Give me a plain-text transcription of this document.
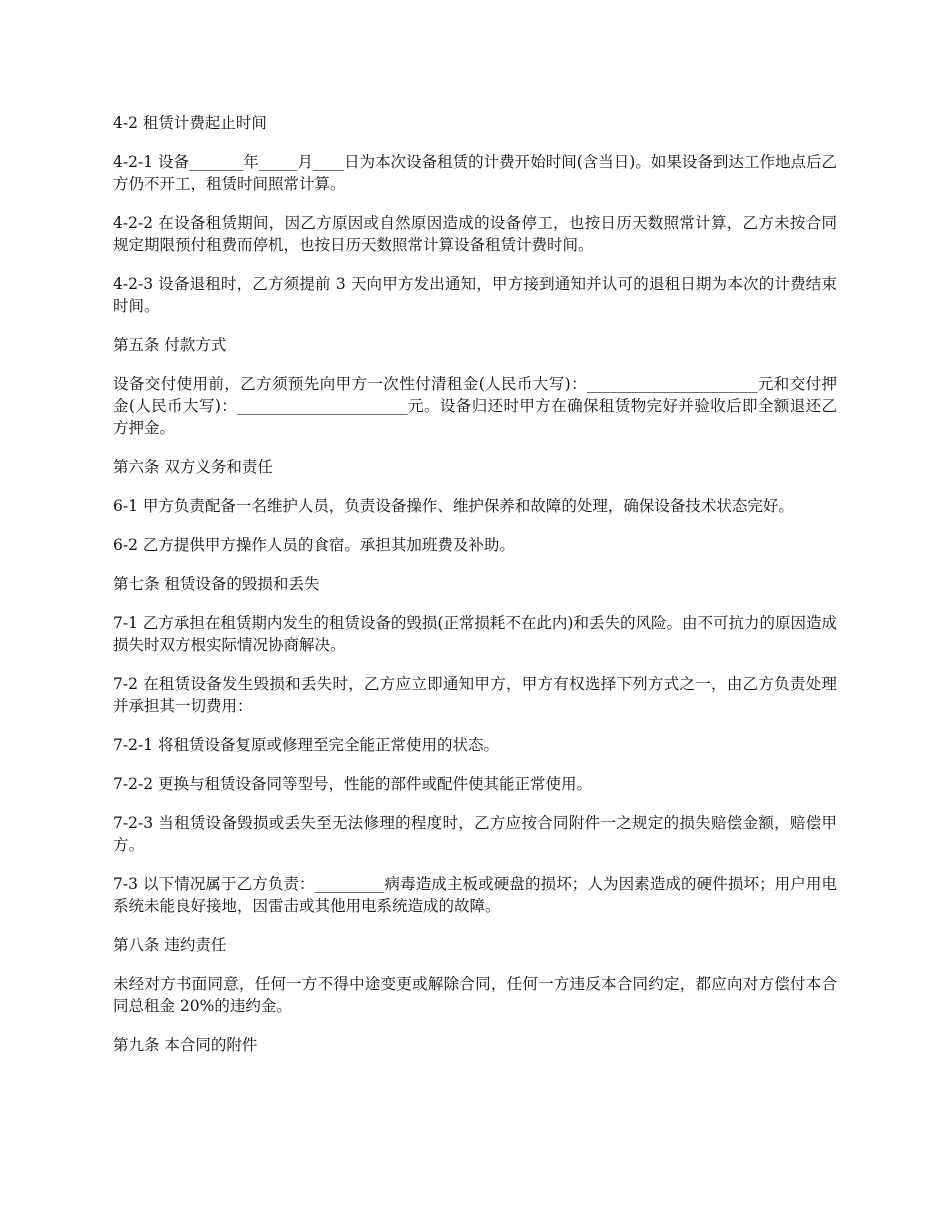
4-2 租赁计费起止时间

4-2-1 设备_______年_____月____日为本次设备租赁的计费开始时间(含当日)。如果设备到达工作地点后乙方仍不开工，租赁时间照常计算。

4-2-2 在设备租赁期间，因乙方原因或自然原因造成的设备停工，也按日历天数照常计算，乙方未按合同规定期限预付租费而停机，也按日历天数照常计算设备租赁计费时间。

4-2-3 设备退租时，乙方须提前 3 天向甲方发出通知，甲方接到通知并认可的退租日期为本次的计费结束时间。

第五条 付款方式

设备交付使用前，乙方须预先向甲方一次性付清租金(人民币大写)：______________________元和交付押金(人民币大写)：______________________元。设备归还时甲方在确保租赁物完好并验收后即全额退还乙方押金。

第六条 双方义务和责任

6-1 甲方负责配备一名维护人员，负责设备操作、维护保养和故障的处理，确保设备技术状态完好。

6-2 乙方提供甲方操作人员的食宿。承担其加班费及补助。

第七条 租赁设备的毁损和丢失

7-1 乙方承担在租赁期内发生的租赁设备的毁损(正常损耗不在此内)和丢失的风险。由不可抗力的原因造成损失时双方根实际情况协商解决。

7-2 在租赁设备发生毁损和丢失时，乙方应立即通知甲方，甲方有权选择下列方式之一，由乙方负责处理并承担其一切费用：

7-2-1 将租赁设备复原或修理至完全能正常使用的状态。

7-2-2 更换与租赁设备同等型号，性能的部件或配件使其能正常使用。

7-2-3 当租赁设备毁损或丢失至无法修理的程度时，乙方应按合同附件一之规定的损失赔偿金额，赔偿甲方。

7-3 以下情况属于乙方负责：_________病毒造成主板或硬盘的损坏；人为因素造成的硬件损坏；用户用电系统未能良好接地，因雷击或其他用电系统造成的故障。

第八条 违约责任

未经对方书面同意，任何一方不得中途变更或解除合同，任何一方违反本合同约定，都应向对方偿付本合同总租金 20%的违约金。

第九条 本合同的附件
